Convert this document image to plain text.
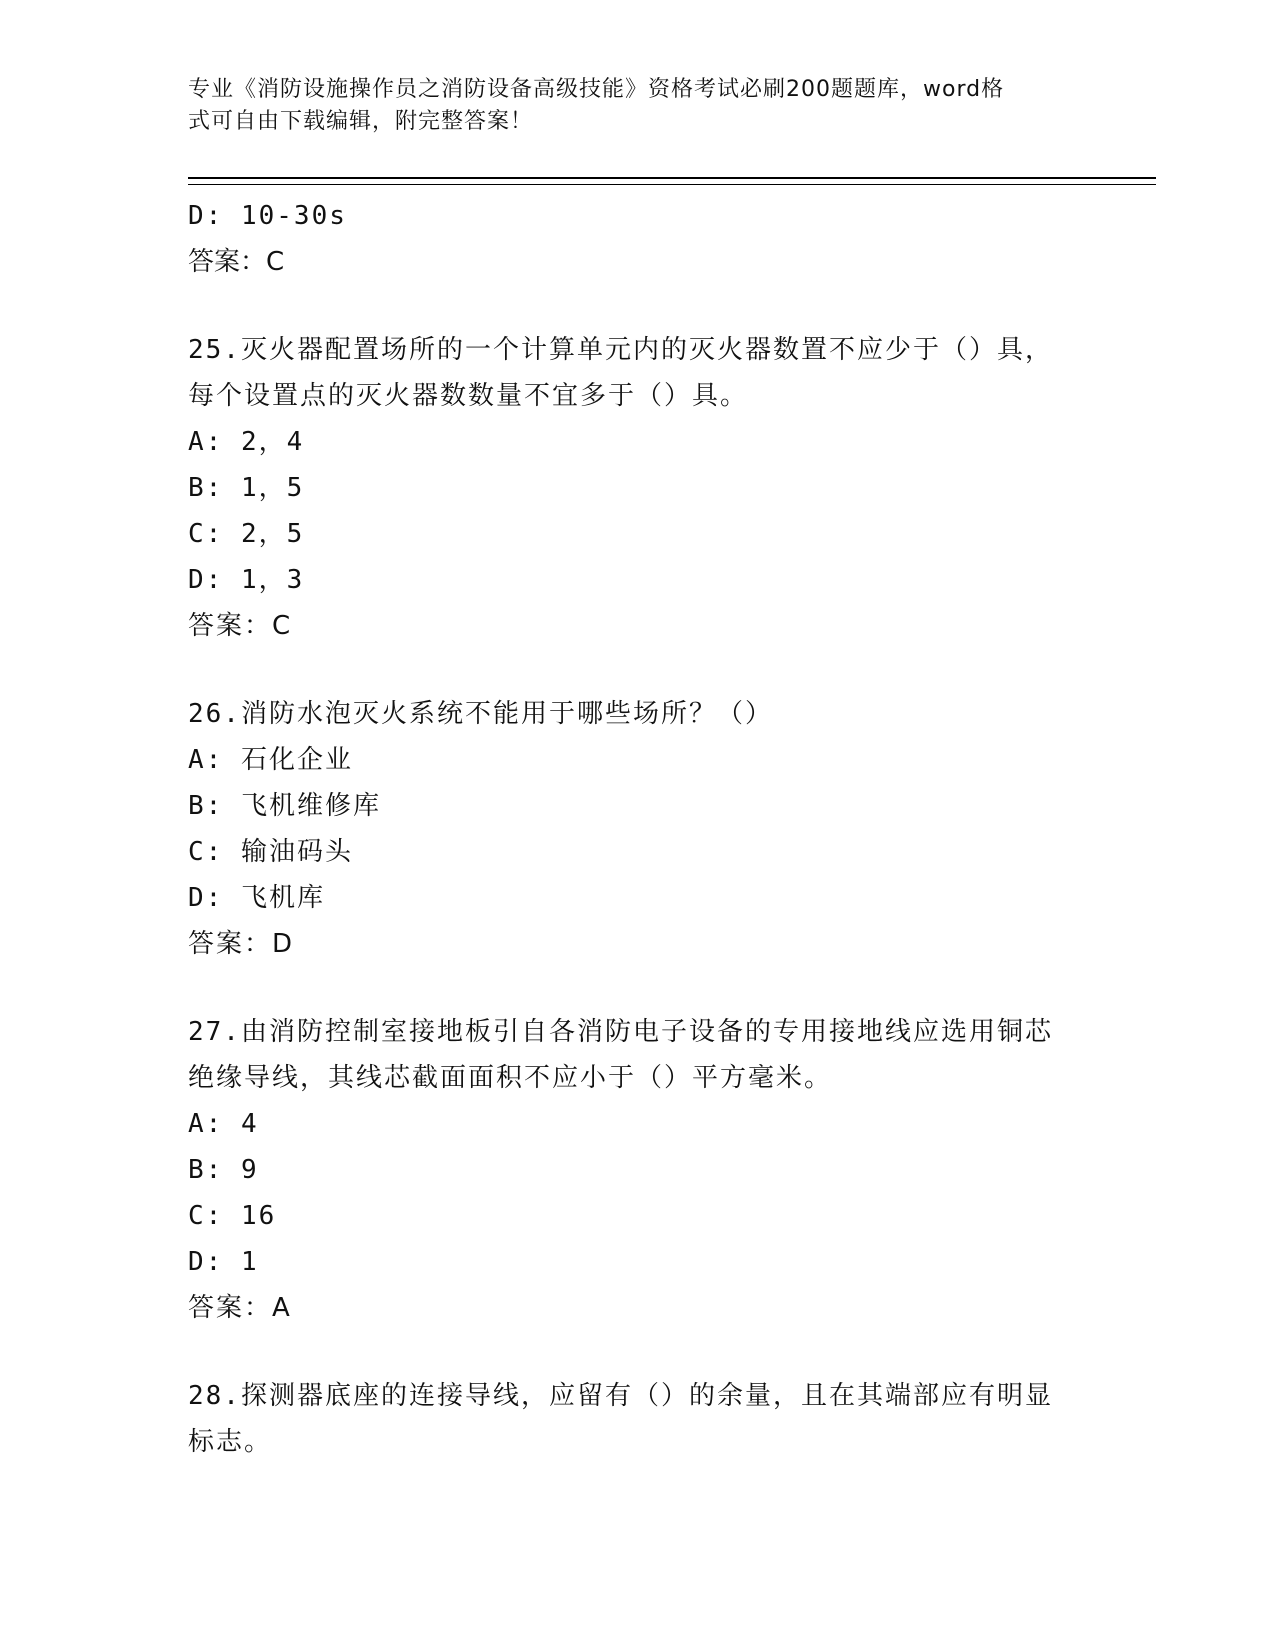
专业《消防设施操作员之消防设备高级技能》资格考试必刷200题题库，word格
式可自由下载编辑，附完整答案！
D: 10-30s
答案：C
25.灭火器配置场所的一个计算单元内的灭火器数置不应少于（）具，
每个设置点的灭火器数数量不宜多于（）具。
A: 2，4
B: 1，5
C: 2，5
D: 1，3
答案：C
26.消防水泡灭火系统不能用于哪些场所？（）
A: 石化企业
B: 飞机维修库
C: 输油码头
D: 飞机库
答案：D
27.由消防控制室接地板引自各消防电子设备的专用接地线应选用铜芯
绝缘导线，其线芯截面面积不应小于（）平方毫米。
A: 4
B: 9
C: 16
D: 1
答案：A
28.探测器底座的连接导线，应留有（）的余量，且在其端部应有明显
标志。
